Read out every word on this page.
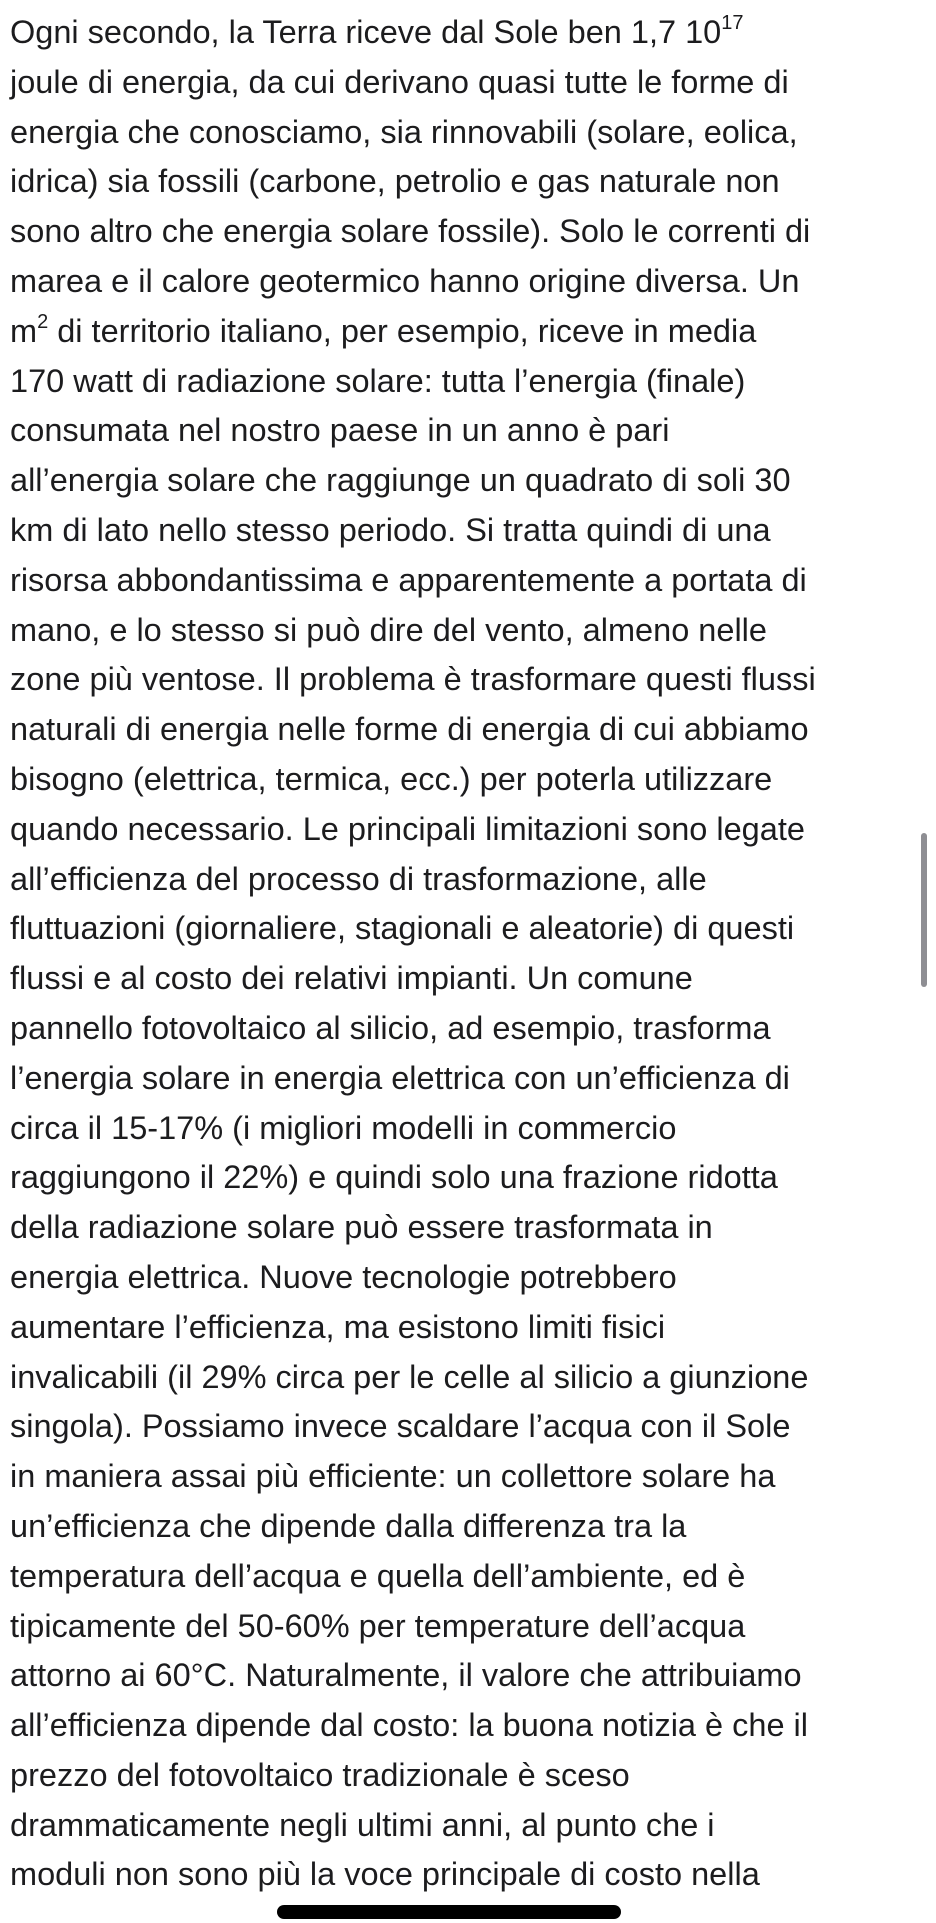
Ogni secondo, la Terra riceve dal Sole ben 1,7 $10^{17}$
joule di energia, da cui derivano quasi tutte le forme di
energia che conosciamo, sia rinnovabili (solare, eolica,
idrica) sia fossili (carbone, petrolio e gas naturale non
sono altro che energia solare fossile). Solo le correnti di
marea e il calore geotermico hanno origine diversa. Un
$m^2$ di territorio italiano, per esempio, riceve in media
170 watt di radiazione solare: tutta l’energia (finale)
consumata nel nostro paese in un anno è pari
all’energia solare che raggiunge un quadrato di soli 30
km di lato nello stesso periodo. Si tratta quindi di una
risorsa abbondantissima e apparentemente a portata di
mano, e lo stesso si può dire del vento, almeno nelle
zone più ventose. Il problema è trasformare questi flussi
naturali di energia nelle forme di energia di cui abbiamo
bisogno (elettrica, termica, ecc.) per poterla utilizzare
quando necessario. Le principali limitazioni sono legate
all’efficienza del processo di trasformazione, alle
fluttuazioni (giornaliere, stagionali e aleatorie) di questi
flussi e al costo dei relativi impianti. Un comune
pannello fotovoltaico al silicio, ad esempio, trasforma
l’energia solare in energia elettrica con un’efficienza di
circa il 15-17% (i migliori modelli in commercio
raggiungono il 22%) e quindi solo una frazione ridotta
della radiazione solare può essere trasformata in
energia elettrica. Nuove tecnologie potrebbero
aumentare l’efficienza, ma esistono limiti fisici
invalicabili (il 29% circa per le celle al silicio a giunzione
singola). Possiamo invece scaldare l’acqua con il Sole
in maniera assai più efficiente: un collettore solare ha
un’efficienza che dipende dalla differenza tra la
temperatura dell’acqua e quella dell’ambiente, ed è
tipicamente del 50-60% per temperature dell’acqua
attorno ai 60°C. Naturalmente, il valore che attribuiamo
all’efficienza dipende dal costo: la buona notizia è che il
prezzo del fotovoltaico tradizionale è sceso
drammaticamente negli ultimi anni, al punto che i
moduli non sono più la voce principale di costo nella
